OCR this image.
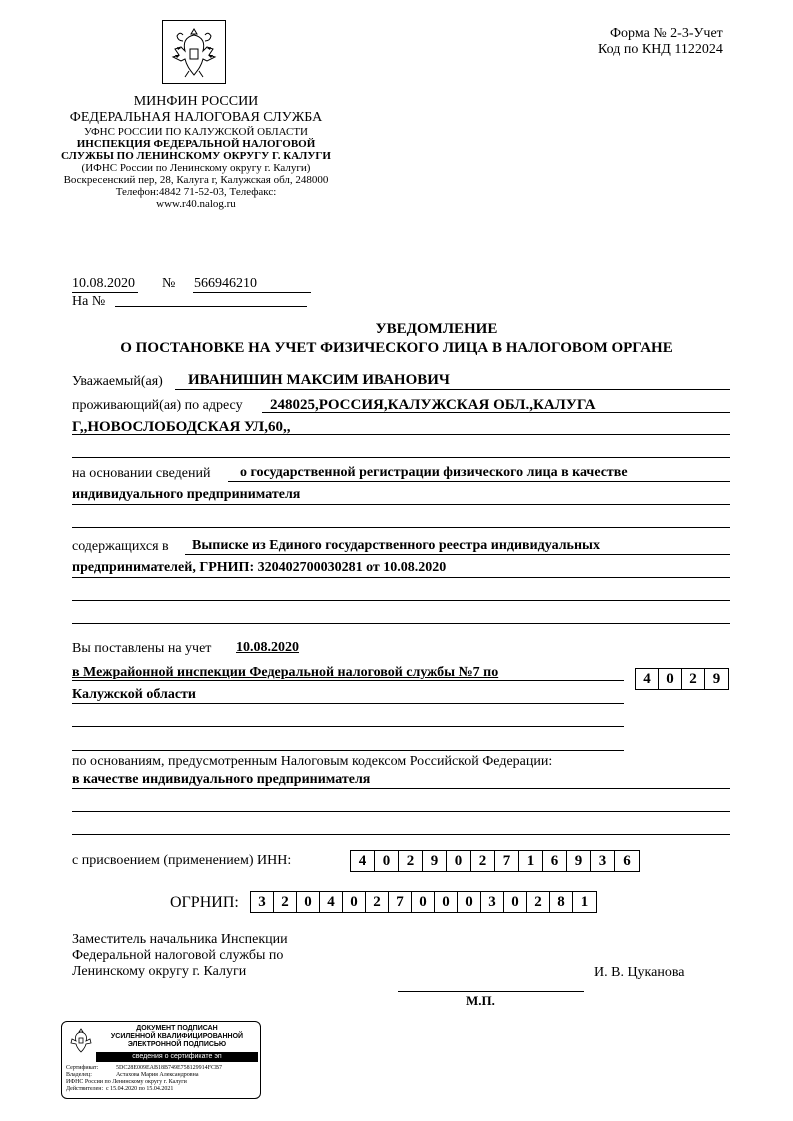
Форма № 2-3-Учет
Код по КНД 1122024
МИНФИН РОССИИ
ФЕДЕРАЛЬНАЯ НАЛОГОВАЯ СЛУЖБА
УФНС РОССИИ ПО КАЛУЖСКОЙ ОБЛАСТИ
ИНСПЕКЦИЯ ФЕДЕРАЛЬНОЙ НАЛОГОВОЙ
СЛУЖБЫ ПО ЛЕНИНСКОМУ ОКРУГУ Г. КАЛУГИ
(ИФНС России по Ленинскому округу г. Калуги)
Воскресенский пер, 28, Калуга г, Калужская обл, 248000
Телефон:4842 71-52-03, Телефакс:
www.r40.nalog.ru
10.08.2020 № 566946210
На №
УВЕДОМЛЕНИЕ
О ПОСТАНОВКЕ НА УЧЕТ ФИЗИЧЕСКОГО ЛИЦА В НАЛОГОВОМ ОРГАНЕ
Уважаемый(ая) ИВАНИШИН МАКСИМ ИВАНОВИЧ
проживающий(ая) по адресу 248025,РОССИЯ,КАЛУЖСКАЯ ОБЛ.,КАЛУГА
Г,,НОВОСЛОБОДСКАЯ УЛ,60,,
на основании сведений о государственной регистрации физического лица в качестве
индивидуального предпринимателя
содержащихся в Выписке из Единого государственного реестра индивидуальных
предпринимателей, ГРНИП: 320402700030281 от 10.08.2020
Вы поставлены на учет 10.08.2020
в Межрайонной инспекции Федеральной налоговой службы №7 по
Калужской области
4	0	2	9
по основаниям, предусмотренным Налоговым кодексом Российской Федерации:
в качестве индивидуального предпринимателя
с присвоением (применением) ИНН:	4	0	2	9	0	2	7	1	6	9	3	6
ОГРНИП:	3	2	0	4	0	2	7	0	0	0	3	0	2	8	1
Заместитель начальника Инспекции
Федеральной налоговой службы по
Ленинскому округу г. Калуги	И. В. Цуканова
М.П.
ДОКУМЕНТ ПОДПИСАН
УСИЛЕННОЙ КВАЛИФИЦИРОВАННОЙ
ЭЛЕКТРОННОЙ ПОДПИСЬЮ
сведения о сертификате эп
Сертификат:	5DC28E009EAB18B749E758129914FCB7
Владелец:	Астахова Мария Александровна
ИФНС России по Ленинскому округу г. Калуги
Действителен: с 15.04.2020 по 15.04.2021
